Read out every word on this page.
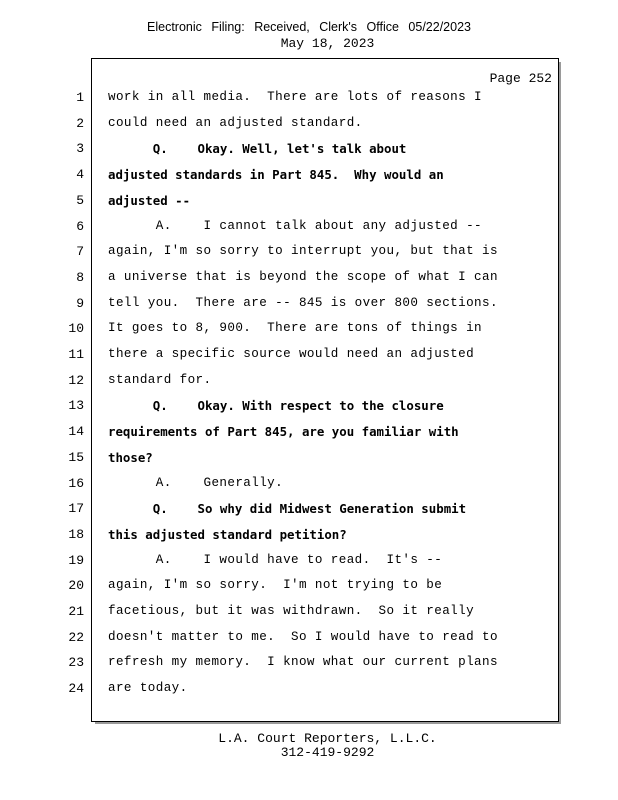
Electronic Filing: Received, Clerk's Office 05/22/2023
May 18, 2023
Page 252
1 work in all media.  There are lots of reasons I
2 could need an adjusted standard.
3 Q.    Okay. Well, let's talk about
4 adjusted standards in Part 845.  Why would an
5 adjusted --
6 A.    I cannot talk about any adjusted --
7 again, I'm so sorry to interrupt you, but that is
8 a universe that is beyond the scope of what I can
9 tell you.  There are -- 845 is over 800 sections.
10 It goes to 8, 900.  There are tons of things in
11 there a specific source would need an adjusted
12 standard for.
13 Q.    Okay. With respect to the closure
14 requirements of Part 845, are you familiar with
15 those?
16 A.    Generally.
17 Q.    So why did Midwest Generation submit
18 this adjusted standard petition?
19 A.    I would have to read.  It's --
20 again, I'm so sorry.  I'm not trying to be
21 facetious, but it was withdrawn.  So it really
22 doesn't matter to me.  So I would have to read to
23 refresh my memory.  I know what our current plans
24 are today.
L.A. Court Reporters, L.L.C.
312-419-9292
